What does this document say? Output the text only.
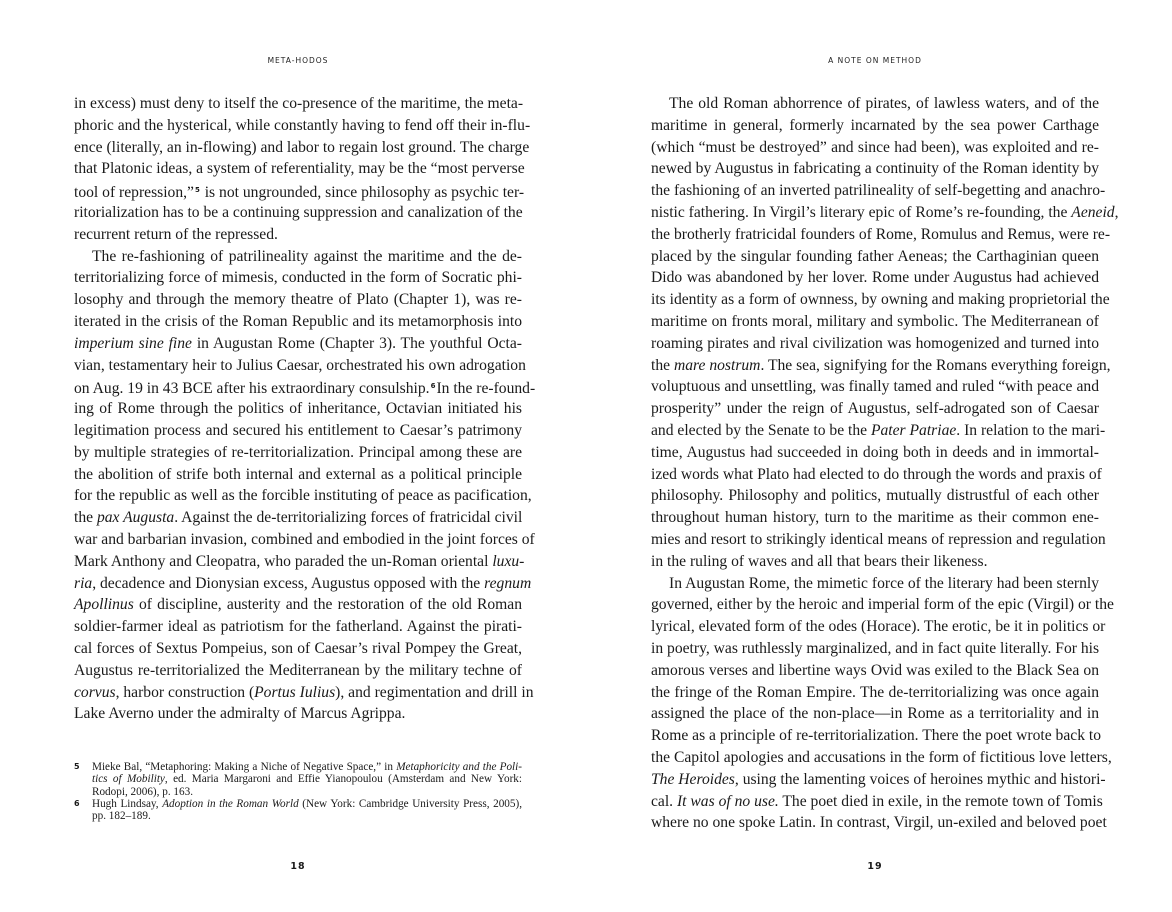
META-HODOS
in excess) must deny to itself the co-presence of the maritime, the meta-
phoric and the hysterical, while constantly having to fend off their in-flu-
ence (literally, an in-flowing) and labor to regain lost ground. The charge
that Platonic ideas, a system of referentiality, may be the “most perverse
tool of repression,”$^5$ is not ungrounded, since philosophy as psychic ter-
ritorialization has to be a continuing suppression and canalization of the
recurrent return of the repressed.
The re-fashioning of patrilineality against the maritime and the de-
territorializing force of mimesis, conducted in the form of Socratic phi-
losophy and through the memory theatre of Plato (Chapter 1), was re-
iterated in the crisis of the Roman Republic and its metamorphosis into
imperium sine fine in Augustan Rome (Chapter 3). The youthful Octa-
vian, testamentary heir to Julius Caesar, orchestrated his own adrogation
on Aug. 19 in 43 BCE after his extraordinary consulship.$^6$In the re-found-
ing of Rome through the politics of inheritance, Octavian initiated his
legitimation process and secured his entitlement to Caesar’s patrimony
by multiple strategies of re-territorialization. Principal among these are
the abolition of strife both internal and external as a political principle
for the republic as well as the forcible instituting of peace as pacification,
the pax Augusta. Against the de-territorializing forces of fratricidal civil
war and barbarian invasion, combined and embodied in the joint forces of
Mark Anthony and Cleopatra, who paraded the un-Roman oriental luxu-
ria, decadence and Dionysian excess, Augustus opposed with the regnum
Apollinus of discipline, austerity and the restoration of the old Roman
soldier-farmer ideal as patriotism for the fatherland. Against the pirati-
cal forces of Sextus Pompeius, son of Caesar’s rival Pompey the Great,
Augustus re-territorialized the Mediterranean by the military techne of
corvus, harbor construction (Portus Iulius), and regimentation and drill in
Lake Averno under the admiralty of Marcus Agrippa.
5 Mieke Bal, “Metaphoring: Making a Niche of Negative Space,” in Metaphoricity and the Poli-
tics of Mobility, ed. Maria Margaroni and Effie Yianopoulou (Amsterdam and New York:
Rodopi, 2006), p. 163.
6 Hugh Lindsay, Adoption in the Roman World (New York: Cambridge University Press, 2005),
pp. 182–189.
18
A NOTE ON METHOD
The old Roman abhorrence of pirates, of lawless waters, and of the
maritime in general, formerly incarnated by the sea power Carthage
(which “must be destroyed” and since had been), was exploited and re-
newed by Augustus in fabricating a continuity of the Roman identity by
the fashioning of an inverted patrilineality of self-begetting and anachro-
nistic fathering. In Virgil’s literary epic of Rome’s re-founding, the Aeneid,
the brotherly fratricidal founders of Rome, Romulus and Remus, were re-
placed by the singular founding father Aeneas; the Carthaginian queen
Dido was abandoned by her lover. Rome under Augustus had achieved
its identity as a form of ownness, by owning and making proprietorial the
maritime on fronts moral, military and symbolic. The Mediterranean of
roaming pirates and rival civilization was homogenized and turned into
the mare nostrum. The sea, signifying for the Romans everything foreign,
voluptuous and unsettling, was finally tamed and ruled “with peace and
prosperity” under the reign of Augustus, self-adrogated son of Caesar
and elected by the Senate to be the Pater Patriae. In relation to the mari-
time, Augustus had succeeded in doing both in deeds and in immortal-
ized words what Plato had elected to do through the words and praxis of
philosophy. Philosophy and politics, mutually distrustful of each other
throughout human history, turn to the maritime as their common ene-
mies and resort to strikingly identical means of repression and regulation
in the ruling of waves and all that bears their likeness.
In Augustan Rome, the mimetic force of the literary had been sternly
governed, either by the heroic and imperial form of the epic (Virgil) or the
lyrical, elevated form of the odes (Horace). The erotic, be it in politics or
in poetry, was ruthlessly marginalized, and in fact quite literally. For his
amorous verses and libertine ways Ovid was exiled to the Black Sea on
the fringe of the Roman Empire. The de-territorializing was once again
assigned the place of the non-place—in Rome as a territoriality and in
Rome as a principle of re-territorialization. There the poet wrote back to
the Capitol apologies and accusations in the form of fictitious love letters,
The Heroides, using the lamenting voices of heroines mythic and histori-
cal. It was of no use. The poet died in exile, in the remote town of Tomis
where no one spoke Latin. In contrast, Virgil, un-exiled and beloved poet
19
